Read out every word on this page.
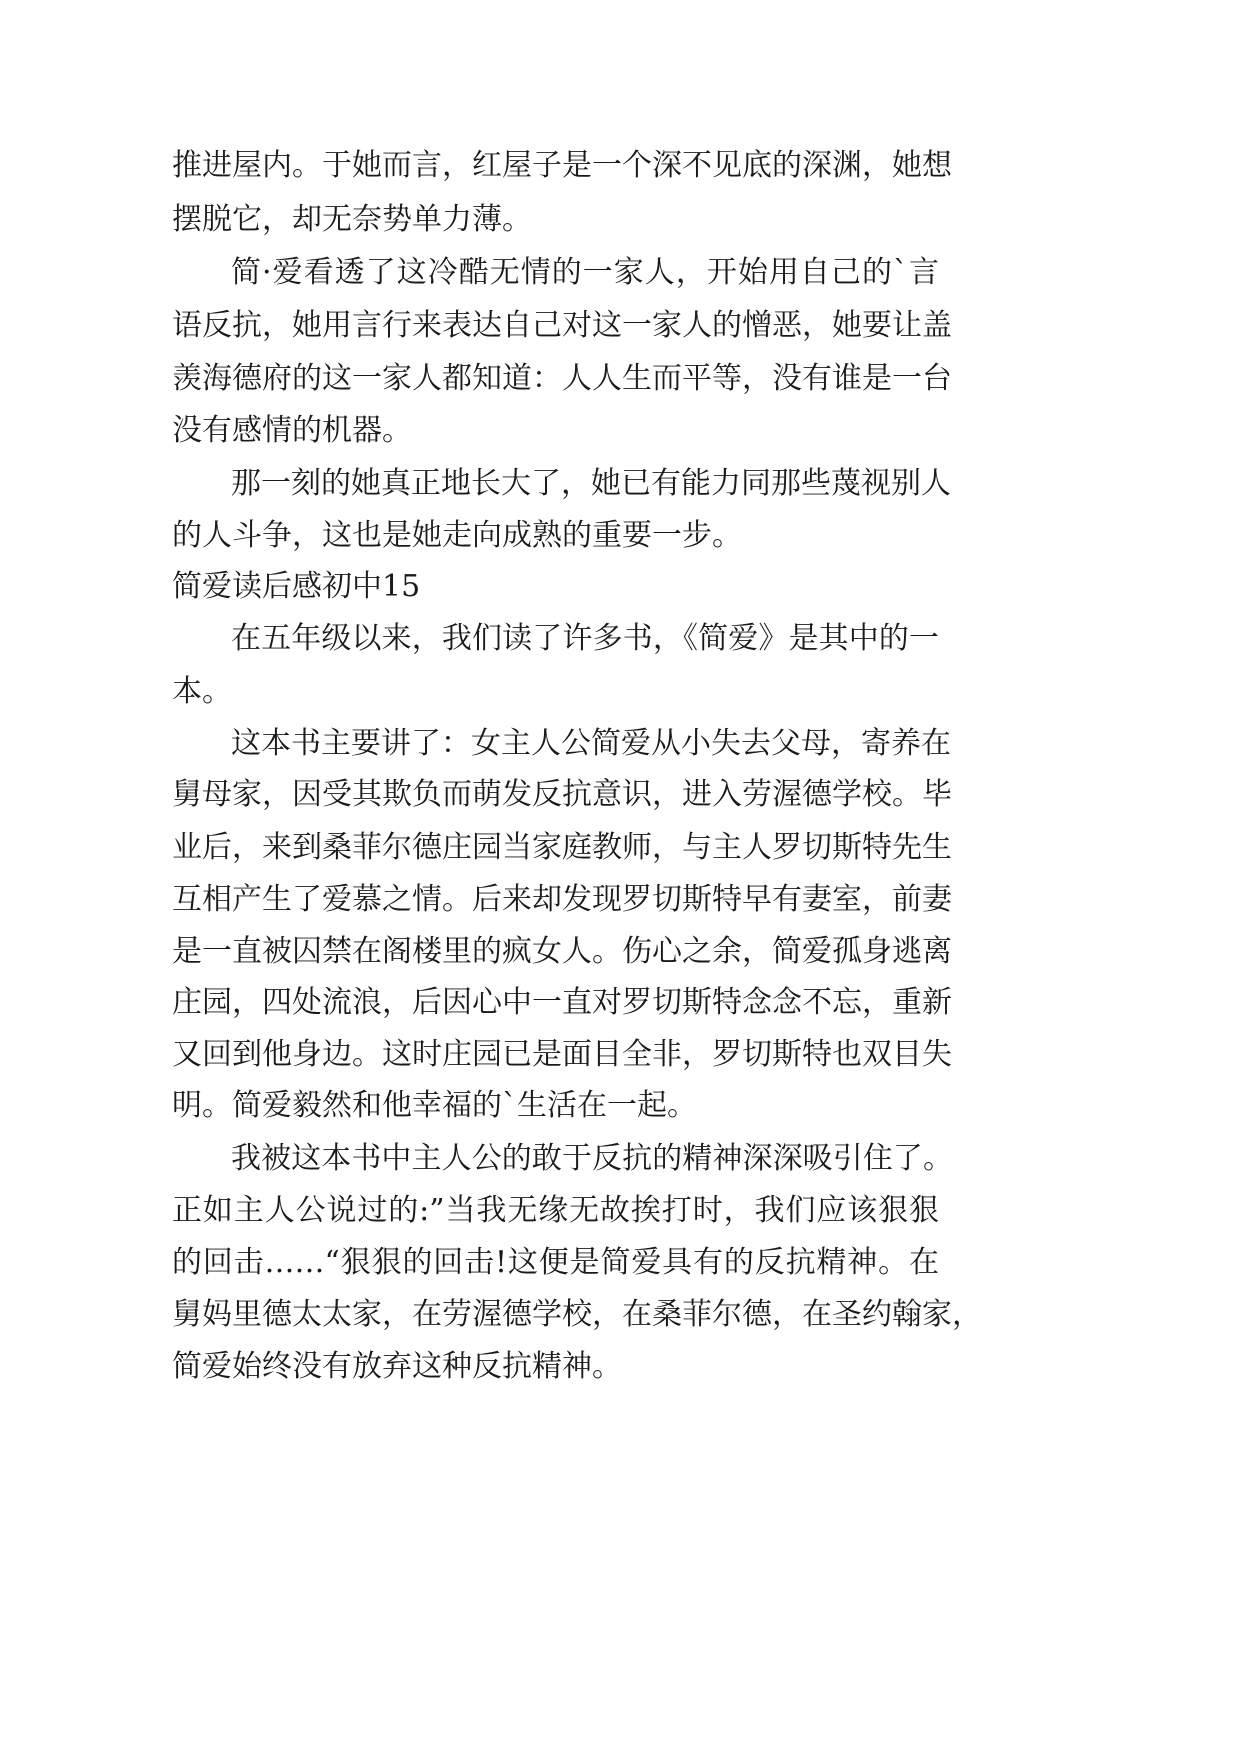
推进屋内。于她而言，红屋子是一个深不见底的深渊，她想
摆脱它，却无奈势单力薄。
简·爱看透了这冷酷无情的一家人，开始用自己的`言
语反抗，她用言行来表达自己对这一家人的憎恶，她要让盖
羡海德府的这一家人都知道：人人生而平等，没有谁是一台
没有感情的机器。
那一刻的她真正地长大了，她已有能力同那些蔑视别人
的人斗争，这也是她走向成熟的重要一步。
简爱读后感初中15
在五年级以来，我们读了许多书，《简爱》是其中的一
本。
这本书主要讲了：女主人公简爱从小失去父母，寄养在
舅母家，因受其欺负而萌发反抗意识，进入劳渥德学校。毕
业后，来到桑菲尔德庄园当家庭教师，与主人罗切斯特先生
互相产生了爱慕之情。后来却发现罗切斯特早有妻室，前妻
是一直被囚禁在阁楼里的疯女人。伤心之余，简爱孤身逃离
庄园，四处流浪，后因心中一直对罗切斯特念念不忘，重新
又回到他身边。这时庄园已是面目全非，罗切斯特也双目失
明。简爱毅然和他幸福的`生活在一起。
我被这本书中主人公的敢于反抗的精神深深吸引住了。
正如主人公说过的:”当我无缘无故挨打时，我们应该狠狠
的回击……“狠狠的回击!这便是简爱具有的反抗精神。在
舅妈里德太太家，在劳渥德学校，在桑菲尔德，在圣约翰家，
简爱始终没有放弃这种反抗精神。
